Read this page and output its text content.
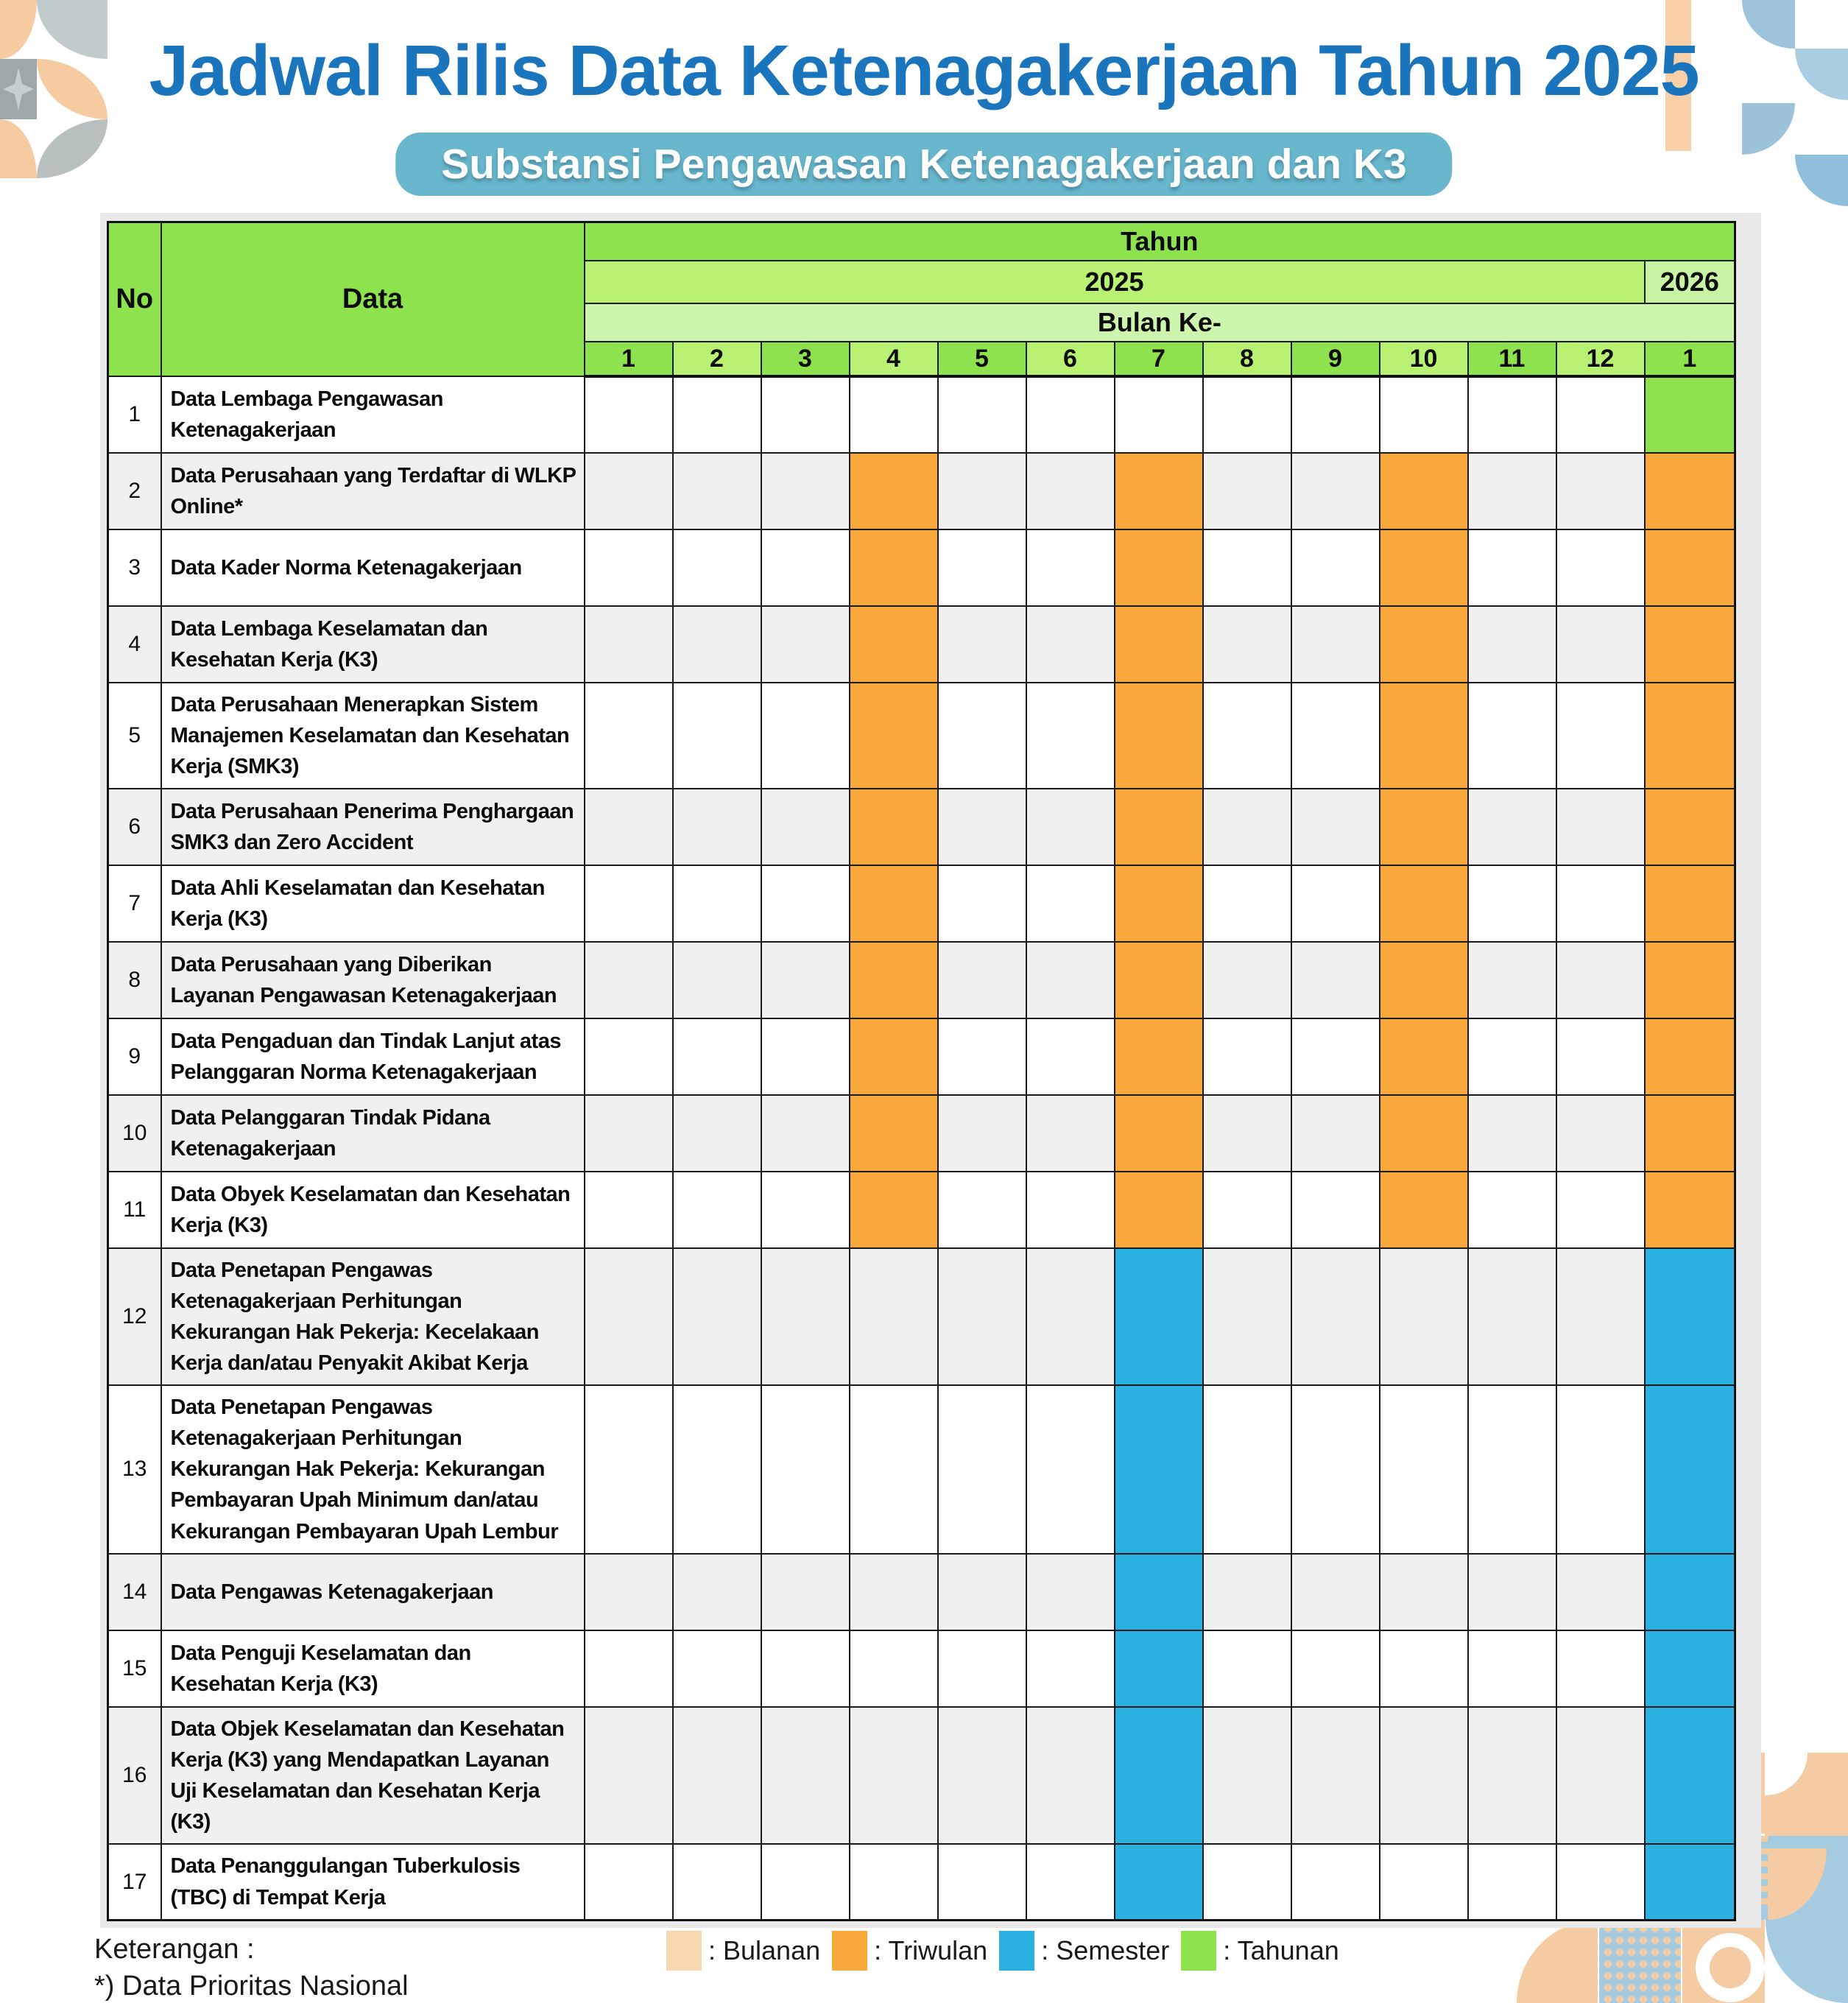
Jadwal Rilis Data Ketenagakerjaan Tahun 2025
Substansi Pengawasan Ketenagakerjaan dan K3
No	Data	Tahun												
		2025												2026
		Bulan Ke-												
		1	2	3	4	5	6	7	8	9	10	11	12	1
1	Data Lembaga Pengawasan Ketenagakerjaan													
2	Data Perusahaan yang Terdaftar di WLKP Online*													
3	Data Kader Norma Ketenagakerjaan													
4	Data Lembaga Keselamatan dan Kesehatan Kerja (K3)													
5	Data Perusahaan Menerapkan Sistem Manajemen Keselamatan dan Kesehatan Kerja (SMK3)													
6	Data Perusahaan Penerima Penghargaan SMK3 dan Zero Accident													
7	Data Ahli Keselamatan dan Kesehatan Kerja (K3)													
8	Data Perusahaan yang Diberikan Layanan Pengawasan Ketenagakerjaan													
9	Data Pengaduan dan Tindak Lanjut atas Pelanggaran Norma Ketenagakerjaan													
10	Data Pelanggaran Tindak Pidana Ketenagakerjaan													
11	Data Obyek Keselamatan dan Kesehatan Kerja (K3)													
12	Data Penetapan Pengawas Ketenagakerjaan Perhitungan Kekurangan Hak Pekerja: Kecelakaan Kerja dan/atau Penyakit Akibat Kerja													
13	Data Penetapan Pengawas Ketenagakerjaan Perhitungan Kekurangan Hak Pekerja: Kekurangan Pembayaran Upah Minimum dan/atau Kekurangan Pembayaran Upah Lembur													
14	Data Pengawas Ketenagakerjaan													
15	Data Penguji Keselamatan dan Kesehatan Kerja (K3)													
16	Data Objek Keselamatan dan Kesehatan Kerja (K3) yang Mendapatkan Layanan Uji Keselamatan dan Kesehatan Kerja (K3)													
17	Data Penanggulangan Tuberkulosis (TBC) di Tempat Kerja													
Keterangan :
*) Data Prioritas Nasional
: Bulanan : Triwulan : Semester : Tahunan
